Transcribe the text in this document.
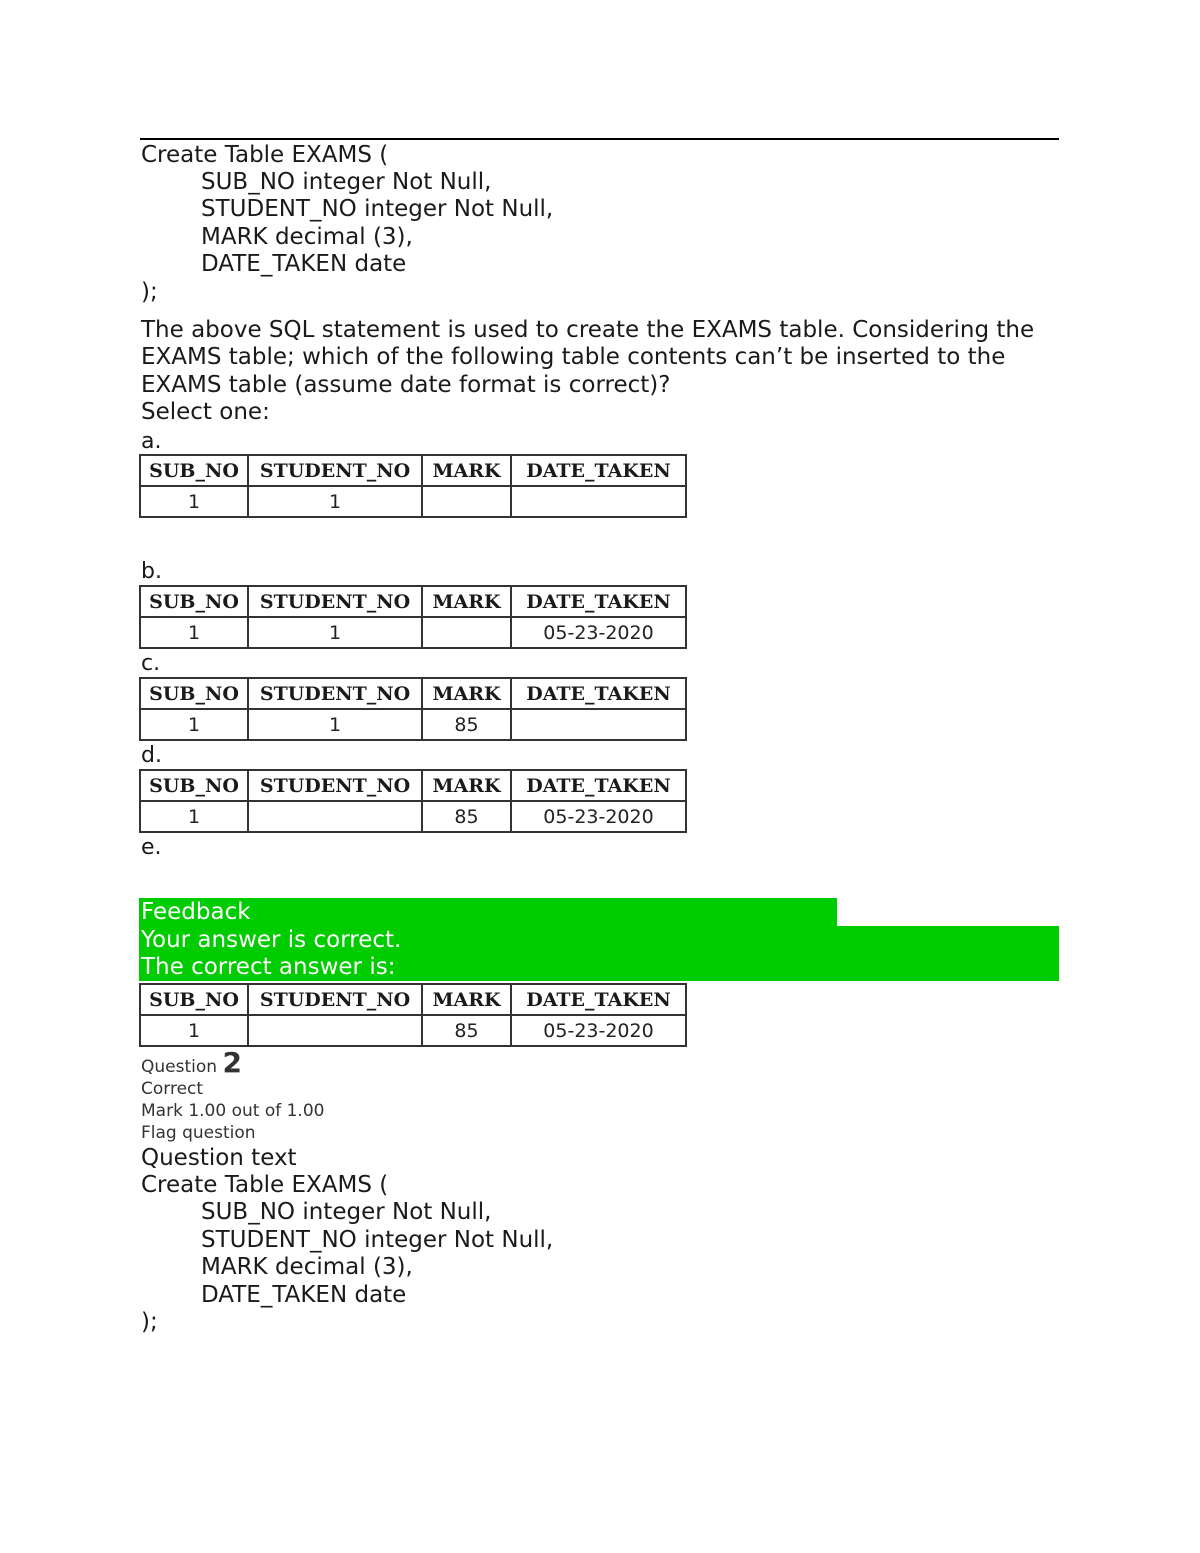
Create Table EXAMS (
SUB_NO integer Not Null,
STUDENT_NO integer Not Null,
MARK decimal (3),
DATE_TAKEN date
);
The above SQL statement is used to create the EXAMS table. Considering the
EXAMS table; which of the following table contents can’t be inserted to the
EXAMS table (assume date format is correct)?
Select one:
a.
SUB_NO	STUDENT_NO	MARK	DATE_TAKEN
1	1		
b.
SUB_NO	STUDENT_NO	MARK	DATE_TAKEN
1	1		05-23-2020
c.
SUB_NO	STUDENT_NO	MARK	DATE_TAKEN
1	1	85	
d.
SUB_NO	STUDENT_NO	MARK	DATE_TAKEN
1		85	05-23-2020
e.
Feedback
Your answer is correct.
The correct answer is:
SUB_NO	STUDENT_NO	MARK	DATE_TAKEN
1		85	05-23-2020
Question 2
Correct
Mark 1.00 out of 1.00
Flag question
Question text
Create Table EXAMS (
SUB_NO integer Not Null,
STUDENT_NO integer Not Null,
MARK decimal (3),
DATE_TAKEN date
);
